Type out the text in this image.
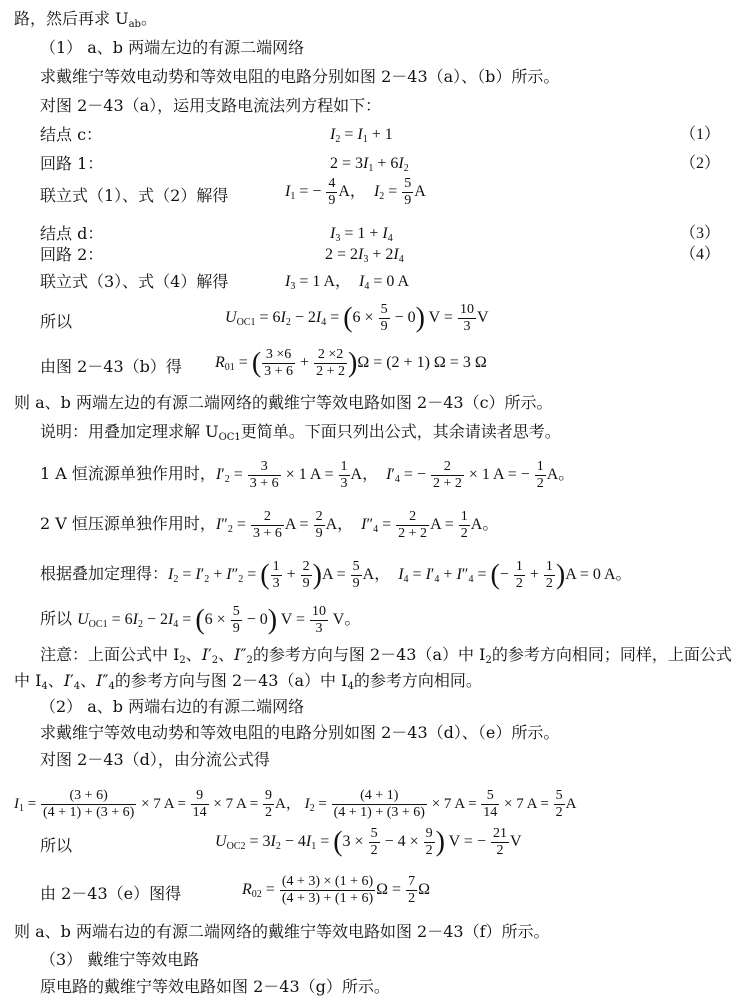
路，然后再求 $U_{ab}$。
（1） a、b 两端左边的有源二端网络
求戴维宁等效电动势和等效电阻的电路分别如图 2－43（a）、（b）所示。
对图 2－43（a），运用支路电流法列方程如下：
结点 c：	$I_2 = I_1 + 1$	（1）
回路 1：	$2 = 3I_1 + 6I_2$	（2）
联立式（1）、式（2）解得	$I_1$ = − $\frac{4}{9}$ A，  $I_2 = \frac{5}{9}$ A
结点 d：	$I_3 = 1 + I_4$	（3）
回路 2：	$2 = 2I_3 + 2I_4$	（4）
联立式（3）、式（4）解得	$I_3 = 1$ A，  $I_4 = 0$ A
所以	$U_{OC1} = 6I_2 - 2I_4 = (6 \times \frac{5}{9} - 0) V = \frac{10}{3}$ V
由图 2－43（b）得 $R_{01}$ = ( $\frac{3 \times 6}{3 + 6} + \frac{2 \times 2}{2 + 2} )\Omega = (2 + 1)$ Ω = 3 Ω
则 a、b 两端左边的有源二端网络的戴维宁等效电路如图 2－43（c）所示。
说明：用叠加定理求解 $U_{OC1}$更简单。下面只列出公式，其余请读者思考。
1 A 恒流源单独作用时，$I'_2 = \frac{3}{3 + 6} \times 1$ $A = \frac{1}{3}$ A，  $I'_4$ = − $\frac{2}{2 + 2} \times 1$ A = − $\frac{1}{2}$ A。
2 V 恒压源单独作用时，$I''_2 = \frac{2}{3 + 6}$ $A = \frac{2}{9}$ A，  $I''_4 = \frac{2}{2 + 2}$ $A = \frac{1}{2}$ A。
根据叠加定理得：$I_2 = I'_2 + I''_2$ = ( $\frac{1}{3} + \frac{2}{9} )A = \frac{5}{9}$ A，  $I_4 = I'_4 + I''_4$ = (− $\frac{1}{2} + \frac{1}{2} )A = 0$ A。
所以 $U_{OC1} = 6I_2 - 2I_4 = (6 \times \frac{5}{9} - 0) V = \frac{10}{3}$ V。
注意：上面公式中 $I_2$、$I'_2$、$I''_2$的参考方向与图 2－43（a）中 $I_2$的参考方向相同；同样，上面公式
中 $I_4$、$I'_4$、$I''_4$的参考方向与图 2－43（a）中 $I_4$的参考方向相同。
（2） a、b 两端右边的有源二端网络
求戴维宁等效电动势和等效电阻的电路分别如图 2－43（d）、（e）所示。
对图 2－43（d），由分流公式得
$I_1 = \frac{(3 + 6)}{(4 + 1) + (3 + 6)} \times 7$ $A = \frac{9}{14} \times 7$ $A = \frac{9}{2}$ A， $I_2 = \frac{(4 + 1)}{(4 + 1) + (3 + 6)} \times 7$ $A = \frac{5}{14} \times 7$ $A = \frac{5}{2}$ A
所以	$U_{OC2} = 3I_2 - 4I_1 = (3 \times \frac{5}{2} - 4 \times \frac{9}{2}$ ) V = − $\frac{21}{2}$ V
由 2－43（e）图得	$R_{02} = \frac{(4 + 3) \times (1 + 6)}{(4 + 3) + (1 + 6)}$ $\Omega = \frac{7}{2}$ Ω
则 a、b 两端右边的有源二端网络的戴维宁等效电路如图 2－43（f）所示。
（3） 戴维宁等效电路
原电路的戴维宁等效电路如图 2－43（g）所示。
